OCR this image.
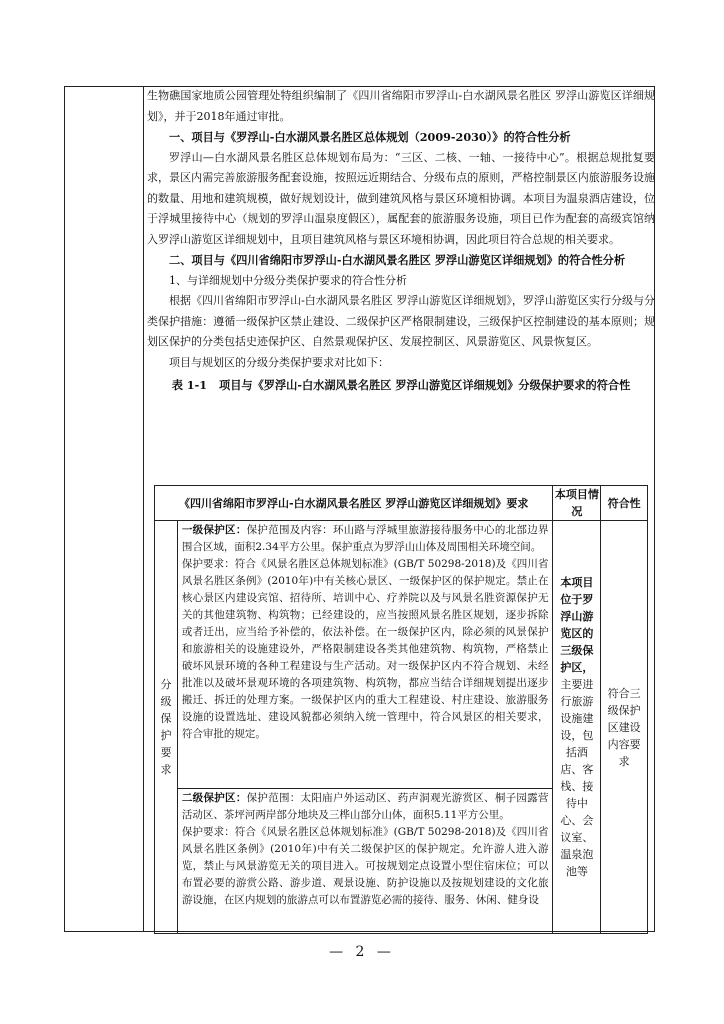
生物礁国家地质公园管理处特组织编制了《四川省绵阳市罗浮山-白水湖风景名胜区 罗浮山游览区详细规划》，并于2018年通过审批。

一、项目与《罗浮山-白水湖风景名胜区总体规划（2009-2030）》的符合性分析

罗浮山—白水湖风景名胜区总体规划布局为：“三区、二核、一轴、一接待中心”。根据总规批复要求，景区内需完善旅游服务配套设施，按照远近期结合、分级布点的原则，严格控制景区内旅游服务设施的数量、用地和建筑规模，做好规划设计，做到建筑风格与景区环境相协调。本项目为温泉酒店建设，位于浮城里接待中心（规划的罗浮山温泉度假区），属配套的旅游服务设施，项目已作为配套的高级宾馆纳入罗浮山游览区详细规划中，且项目建筑风格与景区环境相协调，因此项目符合总规的相关要求。

二、项目与《四川省绵阳市罗浮山-白水湖风景名胜区 罗浮山游览区详细规划》的符合性分析

1、与详细规划中分级分类保护要求的符合性分析

根据《四川省绵阳市罗浮山-白水湖风景名胜区 罗浮山游览区详细规划》，罗浮山游览区实行分级与分类保护措施：遵循一级保护区禁止建设、二级保护区严格限制建设，三级保护区控制建设的基本原则；规划区保护的分类包括史迹保护区、自然景观保护区、发展控制区、风景游览区、风景恢复区。

项目与规划区的分级分类保护要求对比如下：

表 1-1 项目与《罗浮山-白水湖风景名胜区 罗浮山游览区详细规划》分级保护要求的符合性

《四川省绵阳市罗浮山-白水湖风景名胜区 罗浮山游览区详细规划》要求		本项目情况	符合性
分级保护要求	一级保护区：保护范围及内容：环山路与浮城里旅游接待服务中心的北部边界围合区域，面积2.34平方公里。保护重点为罗浮山山体及周围相关环境空间。
保护要求：符合《风景名胜区总体规划标准》(GB/T 50298-2018)及《四川省风景名胜区条例》(2010年)中有关核心景区、一级保护区的保护规定。禁止在核心景区内建设宾馆、招待所、培训中心、疗养院以及与风景名胜资源保护无关的其他建筑物、构筑物；已经建设的，应当按照风景名胜区规划，逐步拆除或者迁出，应当给予补偿的，依法补偿。在一级保护区内，除必须的风景保护和旅游相关的设施建设外，严格限制建设各类其他建筑物、构筑物，严格禁止破坏风景环境的各种工程建设与生产活动。对一级保护区内不符合规划、未经批准以及破坏景观环境的各项建筑物、构筑物，都应当结合详细规划提出逐步搬迁、拆迁的处理方案。一级保护区内的重大工程建设、村庄建设、旅游服务设施的设置选址、建设风貌都必须纳入统一管理中，符合风景区的相关要求，符合审批的规定。	本项目位于罗浮山游览区的三级保护区，主要进行旅游设施建设，包括酒店、客栈、接待中心、会议室、温泉泡池等	符合三级保护区建设内容要求
	二级保护区：保护范围：太阳庙户外运动区、药声洞观光游赏区、桐子园露营活动区、茶坪河两岸部分地块及三桦山部分山体，面积5.11平方公里。
保护要求：符合《风景名胜区总体规划标准》(GB/T 50298-2018)及《四川省风景名胜区条例》(2010年)中有关二级保护区的保护规定。允许游人进入游览，禁止与风景游览无关的项目进入。可按规划定点设置小型住宿床位；可以布置必要的游赏公路、游步道、观景设施、防护设施以及按规划建设的文化旅游设施，在区内规划的旅游点可以布置游览必需的接待、服务、休闲、健身设		
— 2 —
